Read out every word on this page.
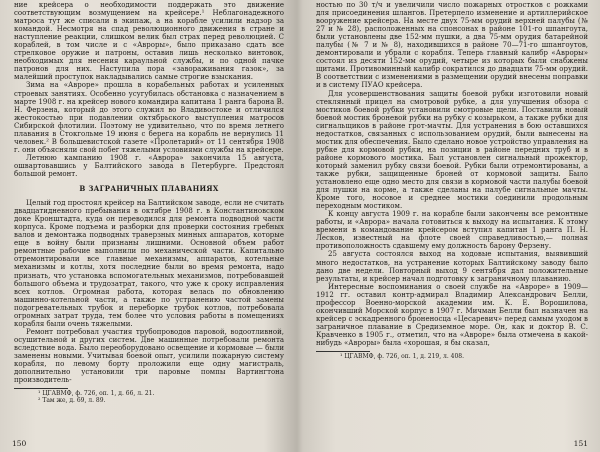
ние крейсера о необходимости поддержать это движение соответствующим возмущением на крейсере.¹ Неблагонадежного матроса тут же списали в экипаж, а на корабле усилили надзор за командой. Несмотря на спад революционного движения в стране и наступление реакции, слишком велик был страх перед революцией. С кораблей, в том числе и с «Авроры», было приказано сдать все стрелковое оружие и патроны, оставив лишь несколько винтовок, необходимых для несения караульной службы, и по одной пачке патронов для них. Наступила пора «завораживания газок», за малейший проступок накладывались самые строгие взыскания.

Зима на «Авроре» прошла в корабельных работах и усиленных строевых занятиях. Особенно усугубилась обстановка с назначением в марте 1908 г. на крейсер нового командира капитана 1 ранга барона В. Н. Ферзена, который до этого служил во Владивостоке и отличился жестокостью при подавлении октябрьского выступления матросов Сибирской флотилии. Поэтому не удивительно, что по время летнего плавания в Стокгольме 19 июня с берега на корабль не вернулись 11 человек.² В большевистской газете «Пролетарий» от 11 сентября 1908 г. они объясняли свой побег тяжелыми условиями службы на крейсере.

Летнюю кампанию 1908 г. «Аврора» закончила 15 августа, ошвартовавшись у Балтийского завода в Петербурге. Предстоял большой ремонт.

В ЗАГРАНИЧНЫХ ПЛАВАНИЯХ

Целый год простоял крейсер на Балтийском заводе, если не считать двадцатидневного пребывания в октябре 1908 г. в Константиновском доке Кронштадта, куда он переводился для ремонта подводной части корпуса. Кроме подъема и разборки для проверки состояния гребных валов и демонтажа подводных траверзных минных аппаратов, которые еще в войну были признаны лишними. Основной объем работ ремонтные рабочие выполнили по механической части. Капитально отремонтировали все главные механизмы, аппаратов, котельные механизмы и котлы, хотя последние были во время ремонта, надо признать, что установка вспомогательных механизмов, потребовавшей большого объема и трудозатрат, такого, что уже к сроку исправления всех котлов. Огромная работа, которая велась по обновлению машинно-котельной части, а также по устранению частой замены подогревательных трубок и переборке трубок котлов, потребовала огромных затрат труда, тем более что условия работы в помещениях корабля были очень тяжелыми.

Ремонт потребовал участия трубопроводов паровой, водоотливной, осушительной и других систем. Две машинные потребовали ремонта вследствие вода. Было переоборудовано освещение и кормовые — были заменены новыми. Учитывая боевой опыт, усилили пожарную систему корабля, по левому борту проложили еще одну магистраль, дополнительно установили три паровые помпы Вартингтона производитель-

¹ ЦГАВМФ, ф. 726, оп. 1, д. 66, л. 21.

² Там же, д. 69, л. 89.

150

ностью по 30 т/ч и увеличили число пожарных отростков с рожками для присоединения шлангов. Претерпело изменение и артиллерийское вооружение крейсера. На месте двух 75-мм орудий верхней палубы (№ 27 и № 28), расположенных на спонсонах в районе 101-го шпангоута, были установлены две 152-мм пушки, а два 75-мм орудия батарейной палубы (№ 7 и № 8), находившихся в районе 70—71-го шпангоутов, демонтировали и убрали с корабля. Теперь главный калибр «Авроры» состоял из десяти 152-мм орудий, четыре из которых были снабжены щитами. Противоминный калибр сократился до двадцати 75-мм орудий. В соответствии с изменениями в размещении орудий внесены поправки и в систему ПУАО крейсера.

Для усовершенствования защиты боевой рубки изготовили новый стеклянный прицел на смотровой рубке, а для улучшения обзора с мостиков боевой рубки установили смотровые щели. Поставили новый боевой мостик броневой рубки на рубку с козырьком, а также рубки для сигнальщиков в районе грот-мачты. Для устранения в бою оставшихся недостатков, связанных с использованием орудий, были вынесены на мостик для обеспечения. Было сделано новое устройство управления на рубке для кормовой рубки, на позиции в районе передних труб и в районе кормового мостика. Был установлен сигнальный прожектор, который заменил рубку связи боевой. Рубки были отремонтированы, а также рубки, защищенные броней от кормовой защиты. Было установлено еще одно место для связи в кормовой части палубы боевой для пушки на корме, а также сделаны на палубе сигнальные мачты. Кроме того, носовое и среднее мостики соединили продольным переходным мостиком.

К концу августа 1909 г. на корабле были закончены все ремонтные работы, и «Аврора» начала готовиться к выходу на испытания. К этому времени в командование крейсером вступил капитан 1 ранга П. Н. Лесков, известный на флоте своей справедливостью,— полная противоположность сдавшему ему должность барону Ферзену.

25 августа состоялся выход на ходовые испытания, выявивший много недостатков, на устранение которых Балтийскому заводу было дано две недели. Повторный выход 9 сентября дал положительные результаты, и крейсер начал подготовку к заграничному плаванию.

Интересные воспоминания о своей службе на «Авроре» в 1909—1912 гг. оставил контр-адмирал Владимир Александрович Белли, профессор Военно-морской академии им. К. Е. Ворошилова, окончивший Морской корпус в 1907 г. Мичман Белли был назначен на крейсер с эскадренного броненосца «Цесаревич» перед самым уходом в заграничное плавание в Средиземное море. Он, как и доктор В. С. Кравченко в 1905 г., отметил, что на «Авроре» была отмечена в какой-нибудь «Авроры» была «хорошая, я бы сказал,

¹ ЦГАВМФ, ф. 726, оп. 1, д. 219, л. 408.

151
